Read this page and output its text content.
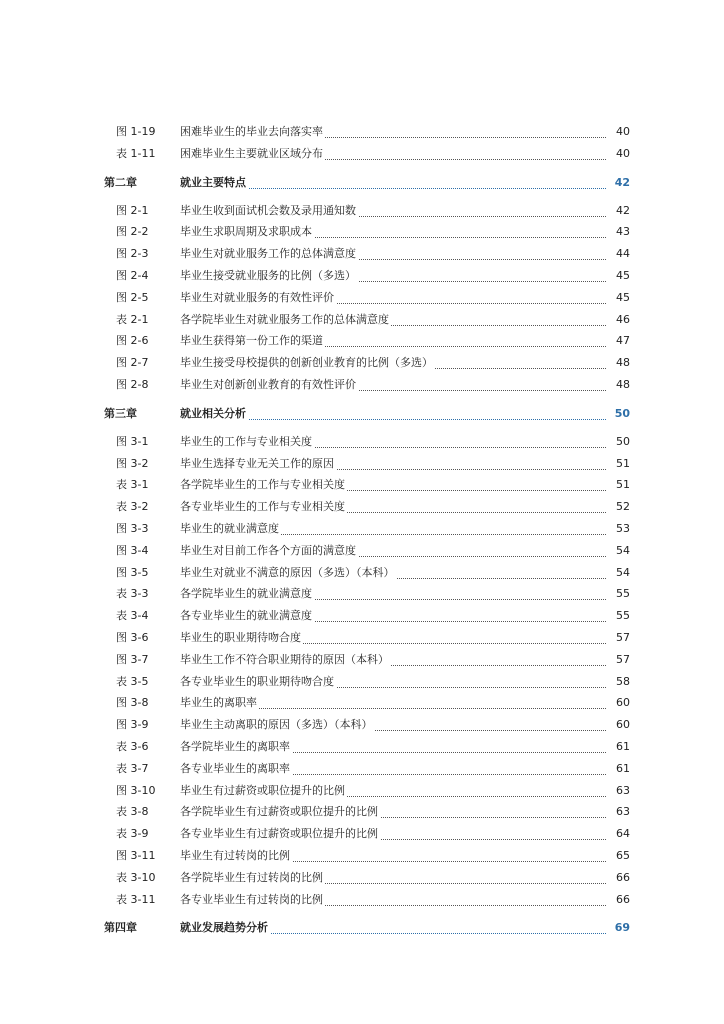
图 1-19	困难毕业生的毕业去向落实率	40
表 1-11	困难毕业生主要就业区域分布	40
第二章	就业主要特点	42
图 2-1	毕业生收到面试机会数及录用通知数	42
图 2-2	毕业生求职周期及求职成本	43
图 2-3	毕业生对就业服务工作的总体满意度	44
图 2-4	毕业生接受就业服务的比例（多选）	45
图 2-5	毕业生对就业服务的有效性评价	45
表 2-1	各学院毕业生对就业服务工作的总体满意度	46
图 2-6	毕业生获得第一份工作的渠道	47
图 2-7	毕业生接受母校提供的创新创业教育的比例（多选）	48
图 2-8	毕业生对创新创业教育的有效性评价	48
第三章	就业相关分析	50
图 3-1	毕业生的工作与专业相关度	50
图 3-2	毕业生选择专业无关工作的原因	51
表 3-1	各学院毕业生的工作与专业相关度	51
表 3-2	各专业毕业生的工作与专业相关度	52
图 3-3	毕业生的就业满意度	53
图 3-4	毕业生对目前工作各个方面的满意度	54
图 3-5	毕业生对就业不满意的原因（多选）（本科）	54
表 3-3	各学院毕业生的就业满意度	55
表 3-4	各专业毕业生的就业满意度	55
图 3-6	毕业生的职业期待吻合度	57
图 3-7	毕业生工作不符合职业期待的原因（本科）	57
表 3-5	各专业毕业生的职业期待吻合度	58
图 3-8	毕业生的离职率	60
图 3-9	毕业生主动离职的原因（多选）（本科）	60
表 3-6	各学院毕业生的离职率	61
表 3-7	各专业毕业生的离职率	61
图 3-10	毕业生有过薪资或职位提升的比例	63
表 3-8	各学院毕业生有过薪资或职位提升的比例	63
表 3-9	各专业毕业生有过薪资或职位提升的比例	64
图 3-11	毕业生有过转岗的比例	65
表 3-10	各学院毕业生有过转岗的比例	66
表 3-11	各专业毕业生有过转岗的比例	66
第四章	就业发展趋势分析	69
